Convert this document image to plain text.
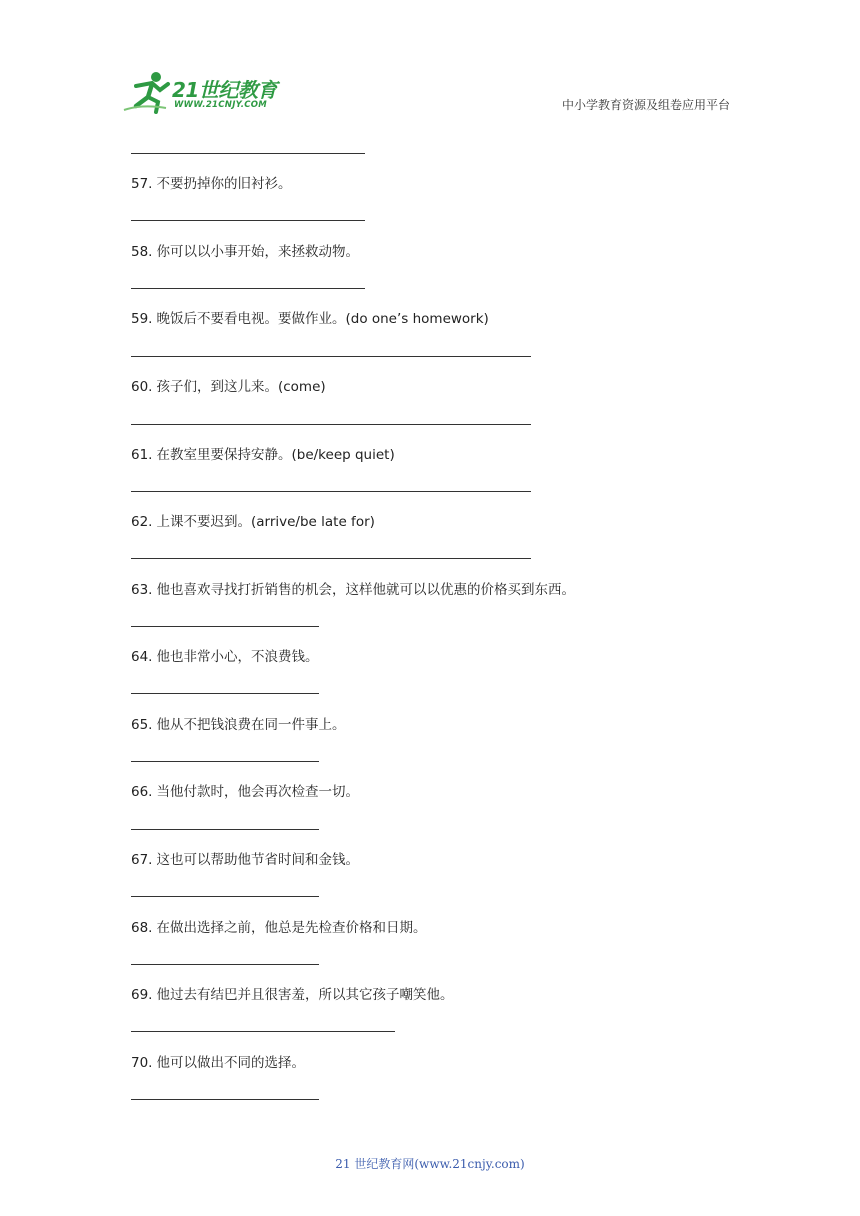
21世纪教育
WWW.21CNJY.COM	中小学教育资源及组卷应用平台
57. 不要扔掉你的旧衬衫。
58. 你可以以小事开始，来拯救动物。
59. 晚饭后不要看电视。要做作业。(do one’s homework)
60. 孩子们，到这儿来。(come)
61. 在教室里要保持安静。(be/keep quiet)
62. 上课不要迟到。(arrive/be late for)
63. 他也喜欢寻找打折销售的机会，这样他就可以以优惠的价格买到东西。
64. 他也非常小心，不浪费钱。
65. 他从不把钱浪费在同一件事上。
66. 当他付款时，他会再次检查一切。
67. 这也可以帮助他节省时间和金钱。
68. 在做出选择之前，他总是先检查价格和日期。
69. 他过去有结巴并且很害羞，所以其它孩子嘲笑他。
70. 他可以做出不同的选择。
21 世纪教育网(www.21cnjy.com)
